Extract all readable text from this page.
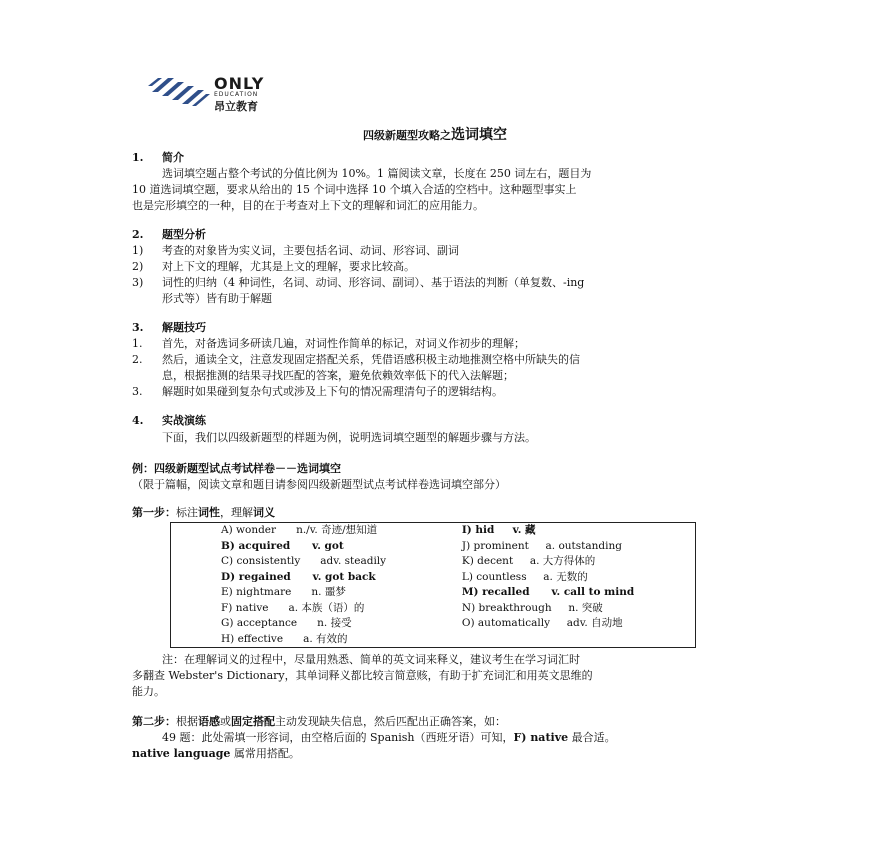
ONLY
EDUCATION
昂立教育
四级新题型攻略之选词填空
1. 简介
选词填空题占整个考试的分值比例为 10%。1 篇阅读文章，长度在 250 词左右，题目为
10 道选词填空题，要求从给出的 15 个词中选择 10 个填入合适的空档中。这种题型事实上
也是完形填空的一种，目的在于考查对上下文的理解和词汇的应用能力。
2. 题型分析
1) 考查的对象皆为实义词，主要包括名词、动词、形容词、副词
2) 对上下文的理解，尤其是上文的理解，要求比较高。
3) 词性的归纳（4 种词性，名词、动词、形容词、副词）、基于语法的判断（单复数、-ing
形式等）皆有助于解题
3. 解题技巧
1. 首先，对备选词多研读几遍，对词性作简单的标记，对词义作初步的理解；
2. 然后，通读全文，注意发现固定搭配关系，凭借语感积极主动地推测空格中所缺失的信
息，根据推测的结果寻找匹配的答案，避免依赖效率低下的代入法解题；
3. 解题时如果碰到复杂句式或涉及上下句的情况需理清句子的逻辑结构。
4. 实战演练
下面，我们以四级新题型的样题为例，说明选词填空题型的解题步骤与方法。
例：四级新题型试点考试样卷－－选词填空
（限于篇幅，阅读文章和题目请参阅四级新题型试点考试样卷选词填空部分）
第一步：标注词性，理解词义
A) wonder      n./v. 奇迹/想知道	I) hid     v. 藏
B) acquired      v. got	J) prominent     a. outstanding
C) consistently      adv. steadily	K) decent     a. 大方得体的
D) regained      v. got back	L) countless     a. 无数的
E) nightmare      n. 噩梦	M) recalled      v. call to mind
F) native      a. 本族（语）的	N) breakthrough     n. 突破
G) acceptance      n. 接受	O) automatically     adv. 自动地
H) effective      a. 有效的	
注：在理解词义的过程中，尽量用熟悉、简单的英文词来释义，建议考生在学习词汇时
多翻查 Webster's Dictionary，其单词释义都比较言简意赅，有助于扩充词汇和用英文思维的
能力。
第二步：根据语感或固定搭配主动发现缺失信息，然后匹配出正确答案，如：
49 题：此处需填一形容词，由空格后面的 Spanish（西班牙语）可知，F) native 最合适。
native language 属常用搭配。
